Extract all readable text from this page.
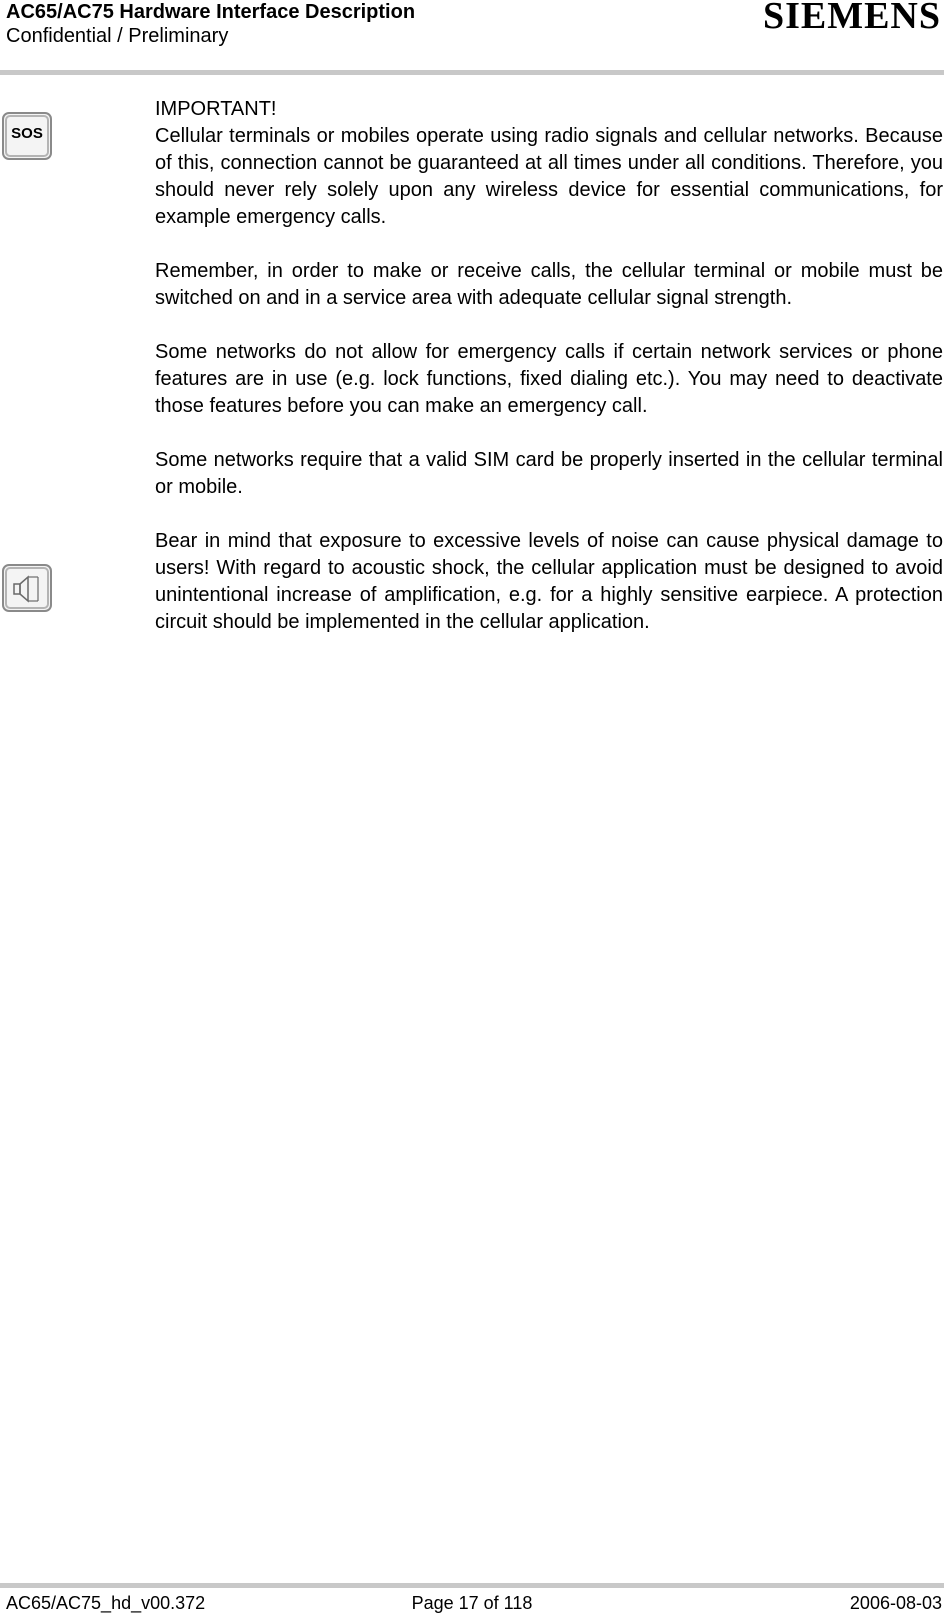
AC65/AC75 Hardware Interface Description
Confidential / Preliminary	SIEMENS
SOS

IMPORTANT!

Cellular terminals or mobiles operate using radio signals and cellular networks. Because of this, connection cannot be guaranteed at all times under all conditions. Therefore, you should never rely solely upon any wireless device for essential communications, for example emergency calls.

Remember, in order to make or receive calls, the cellular terminal or mobile must be switched on and in a service area with adequate cellular signal strength.

Some networks do not allow for emergency calls if certain network services or phone features are in use (e.g. lock functions, fixed dialing etc.). You may need to deactivate those features before you can make an emergency call.

Some networks require that a valid SIM card be properly inserted in the cellular terminal or mobile.

Bear in mind that exposure to excessive levels of noise can cause physical damage to users! With regard to acoustic shock, the cellular application must be designed to avoid unintentional increase of amplification, e.g. for a highly sensitive earpiece. A protection circuit should be implemented in the cellular application.

AC65/AC75_hd_v00.372	Page 17 of 118	2006-08-03
